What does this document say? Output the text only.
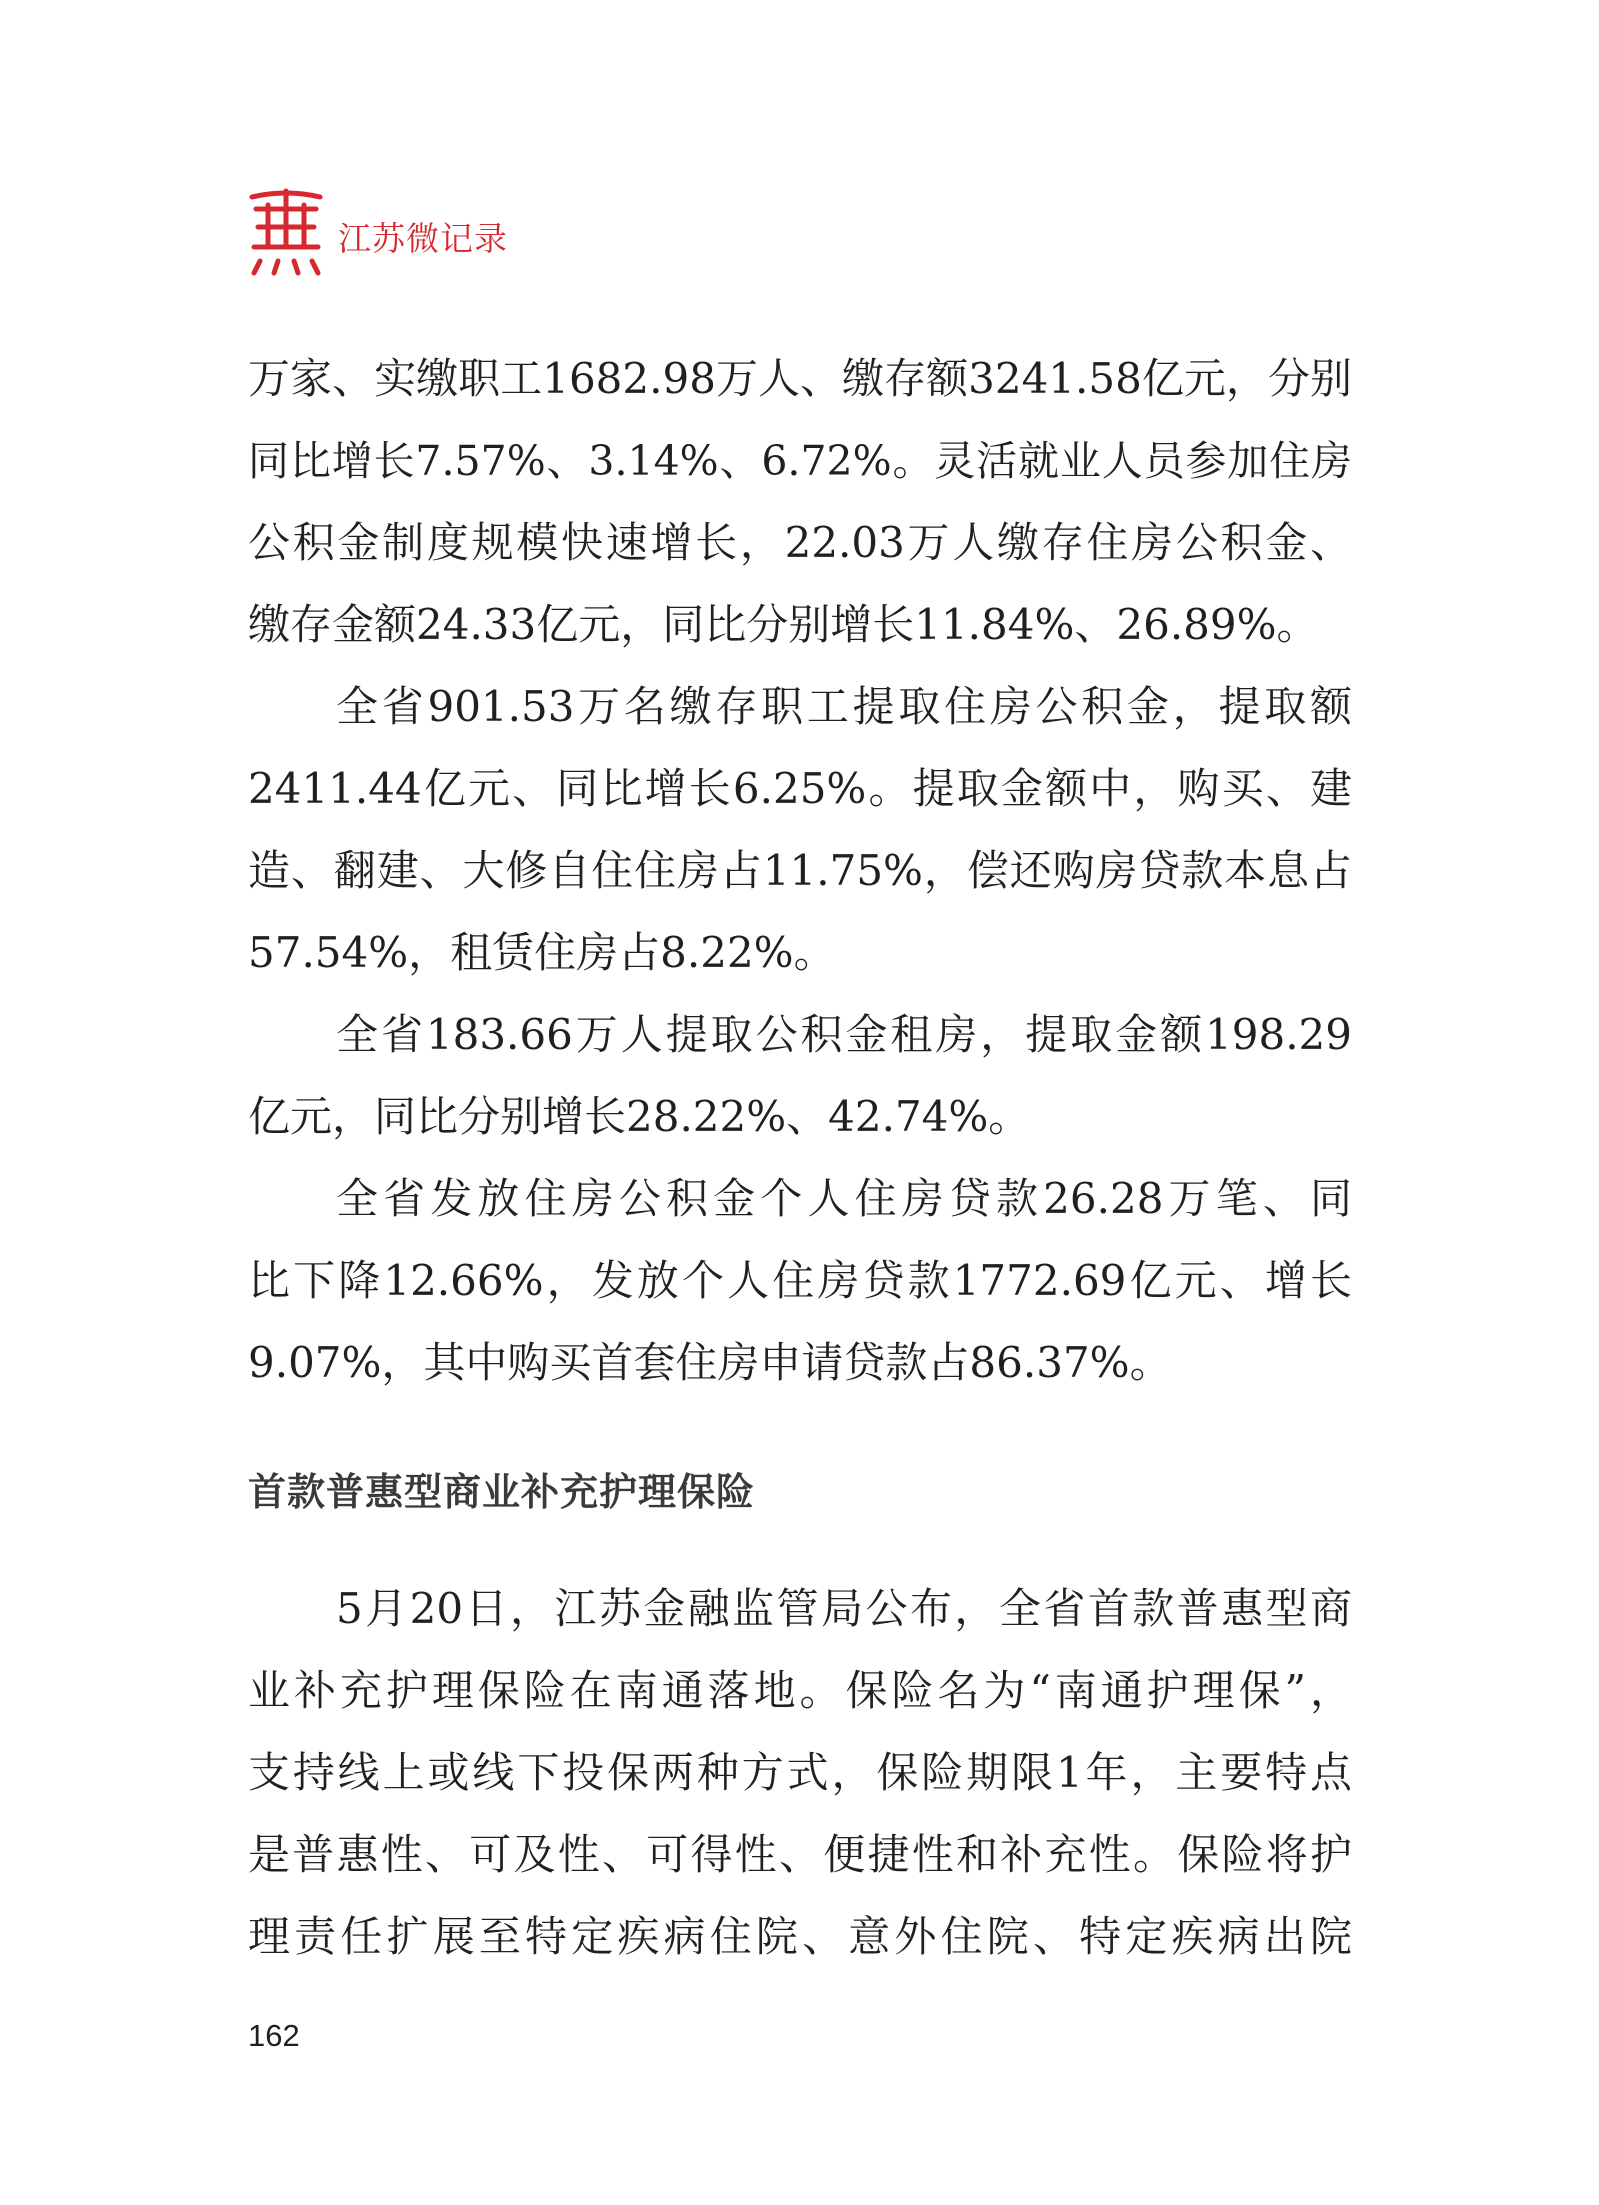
江苏微记录
万家、实缴职工1682.98万人、缴存额3241.58亿元，分别
同比增长7.57%、3.14%、6.72%。灵活就业人员参加住房
公积金制度规模快速增长，22.03万人缴存住房公积金、
缴存金额24.33亿元，同比分别增长11.84%、26.89%。
全省901.53万名缴存职工提取住房公积金，提取额
2411.44亿元、同比增长6.25%。提取金额中，购买、建
造、翻建、大修自住住房占11.75%，偿还购房贷款本息占
57.54%，租赁住房占8.22%。
全省183.66万人提取公积金租房，提取金额198.29
亿元，同比分别增长28.22%、42.74%。
全省发放住房公积金个人住房贷款26.28万笔、同
比下降12.66%，发放个人住房贷款1772.69亿元、增长
9.07%，其中购买首套住房申请贷款占86.37%。
首款普惠型商业补充护理保险
5月20日，江苏金融监管局公布，全省首款普惠型商
业补充护理保险在南通落地。保险名为“南通护理保”，
支持线上或线下投保两种方式，保险期限1年，主要特点
是普惠性、可及性、可得性、便捷性和补充性。保险将护
理责任扩展至特定疾病住院、意外住院、特定疾病出院
162
